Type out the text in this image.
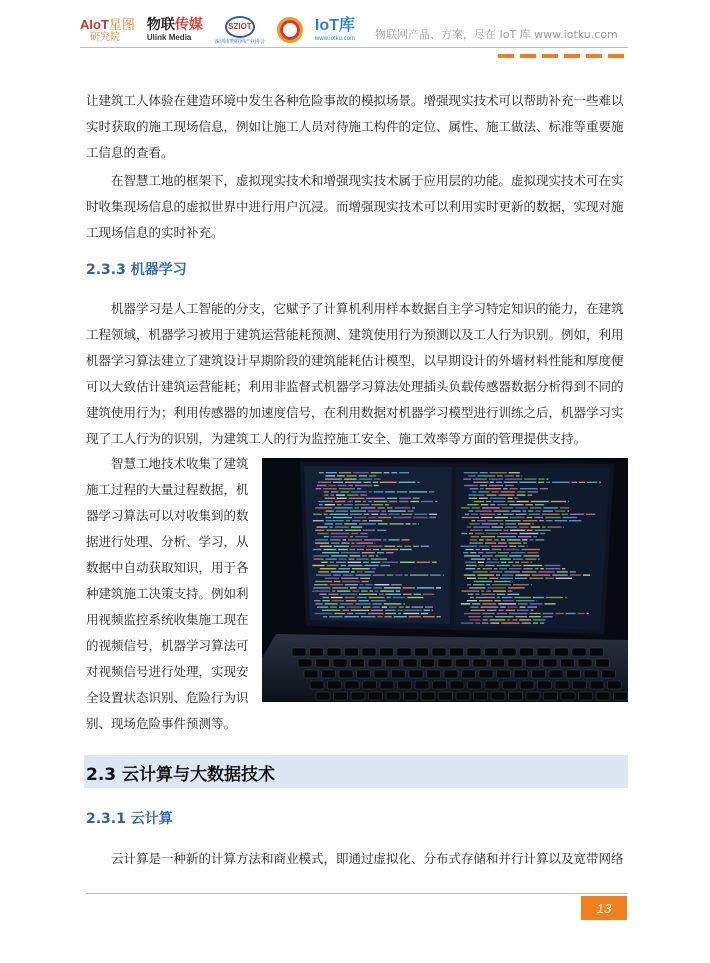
AIoT星图
研究院
物联传媒
Ulink Media
SZIOT
深圳市物联网产业协会
IoT库
www.iotku.com 物联网产品、方案，尽在 IoT 库 www.iotku.com

让建筑工人体验在建造环境中发生各种危险事故的模拟场景。增强现实技术可以帮助补充一些难以实时获取的施工现场信息，例如让施工人员对待施工构件的定位、属性、施工做法、标准等重要施工信息的查看。

在智慧工地的框架下，虚拟现实技术和增强现实技术属于应用层的功能。虚拟现实技术可在实时收集现场信息的虚拟世界中进行用户沉浸。而增强现实技术可以利用实时更新的数据，实现对施工现场信息的实时补充。

2.3.3 机器学习

机器学习是人工智能的分支，它赋予了计算机利用样本数据自主学习特定知识的能力，在建筑工程领域，机器学习被用于建筑运营能耗预测、建筑使用行为预测以及工人行为识别。例如，利用机器学习算法建立了建筑设计早期阶段的建筑能耗估计模型，以早期设计的外墙材料性能和厚度便可以大致估计建筑运营能耗；利用非监督式机器学习算法处理插头负载传感器数据分析得到不同的建筑使用行为；利用传感器的加速度信号，在利用数据对机器学习模型进行训练之后，机器学习实现了工人行为的识别，为建筑工人的行为监控施工安全、施工效率等方面的管理提供支持。

智慧工地技术收集了建筑施工过程的大量过程数据，机器学习算法可以对收集到的数据进行处理、分析、学习，从数据中自动获取知识，用于各种建筑施工决策支持。例如利用视频监控系统收集施工现在的视频信号，机器学习算法可对视频信号进行处理，实现安全设置状态识别、危险行为识别、现场危险事件预测等。

2.3 云计算与大数据技术
2.3.1 云计算

云计算是一种新的计算方法和商业模式，即通过虚拟化、分布式存储和并行计算以及宽带网络

13
